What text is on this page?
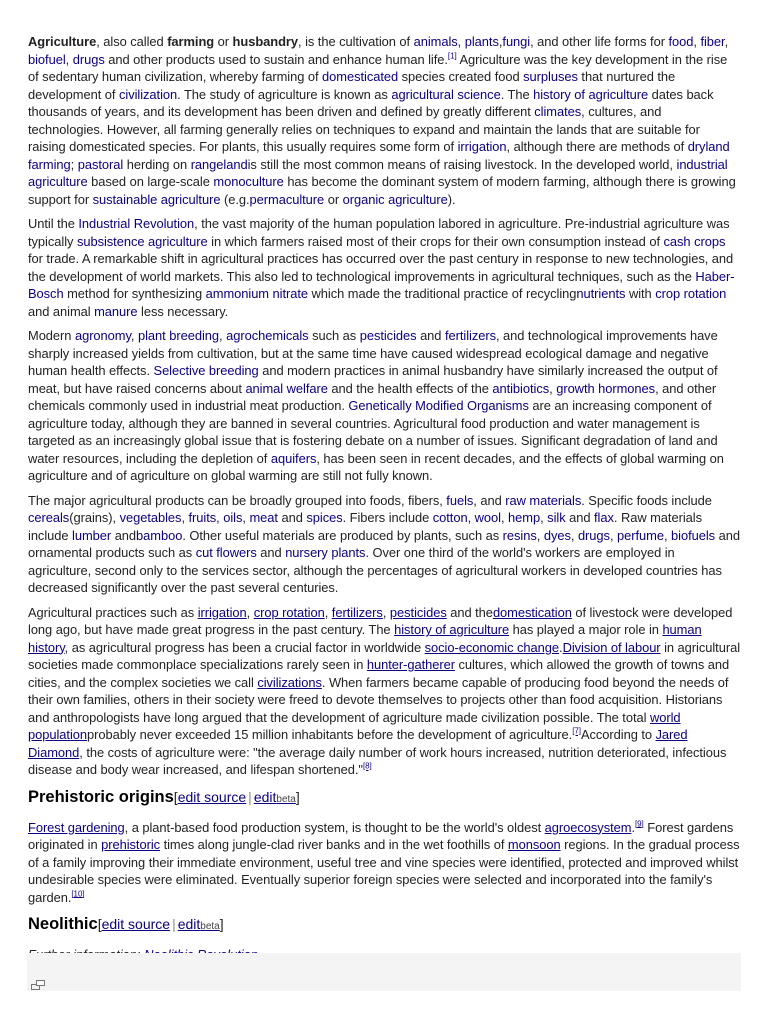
Agriculture, also called farming or husbandry, is the cultivation of animals, plants,fungi, and other life forms for food, fiber, biofuel, drugs and other products used to sustain and enhance human life.[1] Agriculture was the key development in the rise of sedentary human civilization, whereby farming of domesticated species created food surpluses that nurtured the development of civilization. The study of agriculture is known as agricultural science. The history of agriculture dates back thousands of years, and its development has been driven and defined by greatly different climates, cultures, and technologies. However, all farming generally relies on techniques to expand and maintain the lands that are suitable for raising domesticated species. For plants, this usually requires some form of irrigation, although there are methods of dryland farming; pastoral herding on rangelandis still the most common means of raising livestock. In the developed world, industrial agriculture based on large-scale monoculture has become the dominant system of modern farming, although there is growing support for sustainable agriculture (e.g.permaculture or organic agriculture).

Until the Industrial Revolution, the vast majority of the human population labored in agriculture. Pre-industrial agriculture was typically subsistence agriculture in which farmers raised most of their crops for their own consumption instead of cash crops for trade. A remarkable shift in agricultural practices has occurred over the past century in response to new technologies, and the development of world markets. This also led to technological improvements in agricultural techniques, such as the Haber-Bosch method for synthesizing ammonium nitrate which made the traditional practice of recyclingnutrients with crop rotation and animal manure less necessary.

Modern agronomy, plant breeding, agrochemicals such as pesticides and fertilizers, and technological improvements have sharply increased yields from cultivation, but at the same time have caused widespread ecological damage and negative human health effects. Selective breeding and modern practices in animal husbandry have similarly increased the output of meat, but have raised concerns about animal welfare and the health effects of the antibiotics, growth hormones, and other chemicals commonly used in industrial meat production. Genetically Modified Organisms are an increasing component of agriculture today, although they are banned in several countries. Agricultural food production and water management is targeted as an increasingly global issue that is fostering debate on a number of issues. Significant degradation of land and water resources, including the depletion of aquifers, has been seen in recent decades, and the effects of global warming on agriculture and of agriculture on global warming are still not fully known.

The major agricultural products can be broadly grouped into foods, fibers, fuels, and raw materials. Specific foods include cereals(grains), vegetables, fruits, oils, meat and spices. Fibers include cotton, wool, hemp, silk and flax. Raw materials include lumber andbamboo. Other useful materials are produced by plants, such as resins, dyes, drugs, perfume, biofuels and ornamental products such as cut flowers and nursery plants. Over one third of the world's workers are employed in agriculture, second only to the services sector, although the percentages of agricultural workers in developed countries has decreased significantly over the past several centuries.

Agricultural practices such as irrigation, crop rotation, fertilizers, pesticides and thedomestication of livestock were developed long ago, but have made great progress in the past century. The history of agriculture has played a major role in human history, as agricultural progress has been a crucial factor in worldwide socio-economic change.Division of labour in agricultural societies made commonplace specializations rarely seen in hunter-gatherer cultures, which allowed the growth of towns and cities, and the complex societies we call civilizations. When farmers became capable of producing food beyond the needs of their own families, others in their society were freed to devote themselves to projects other than food acquisition. Historians and anthropologists have long argued that the development of agriculture made civilization possible. The total world populationprobably never exceeded 15 million inhabitants before the development of agriculture.[7]According to Jared Diamond, the costs of agriculture were: "the average daily number of work hours increased, nutrition deteriorated, infectious disease and body wear increased, and lifespan shortened."[8]

Prehistoric origins[edit source | editbeta]

Forest gardening, a plant-based food production system, is thought to be the world's oldest agroecosystem.[9] Forest gardens originated in prehistoric times along jungle-clad river banks and in the wet foothills of monsoon regions. In the gradual process of a family improving their immediate environment, useful tree and vine species were identified, protected and improved whilst undesirable species were eliminated. Eventually superior foreign species were selected and incorporated into the family's garden.[10]

Neolithic[edit source | editbeta]
